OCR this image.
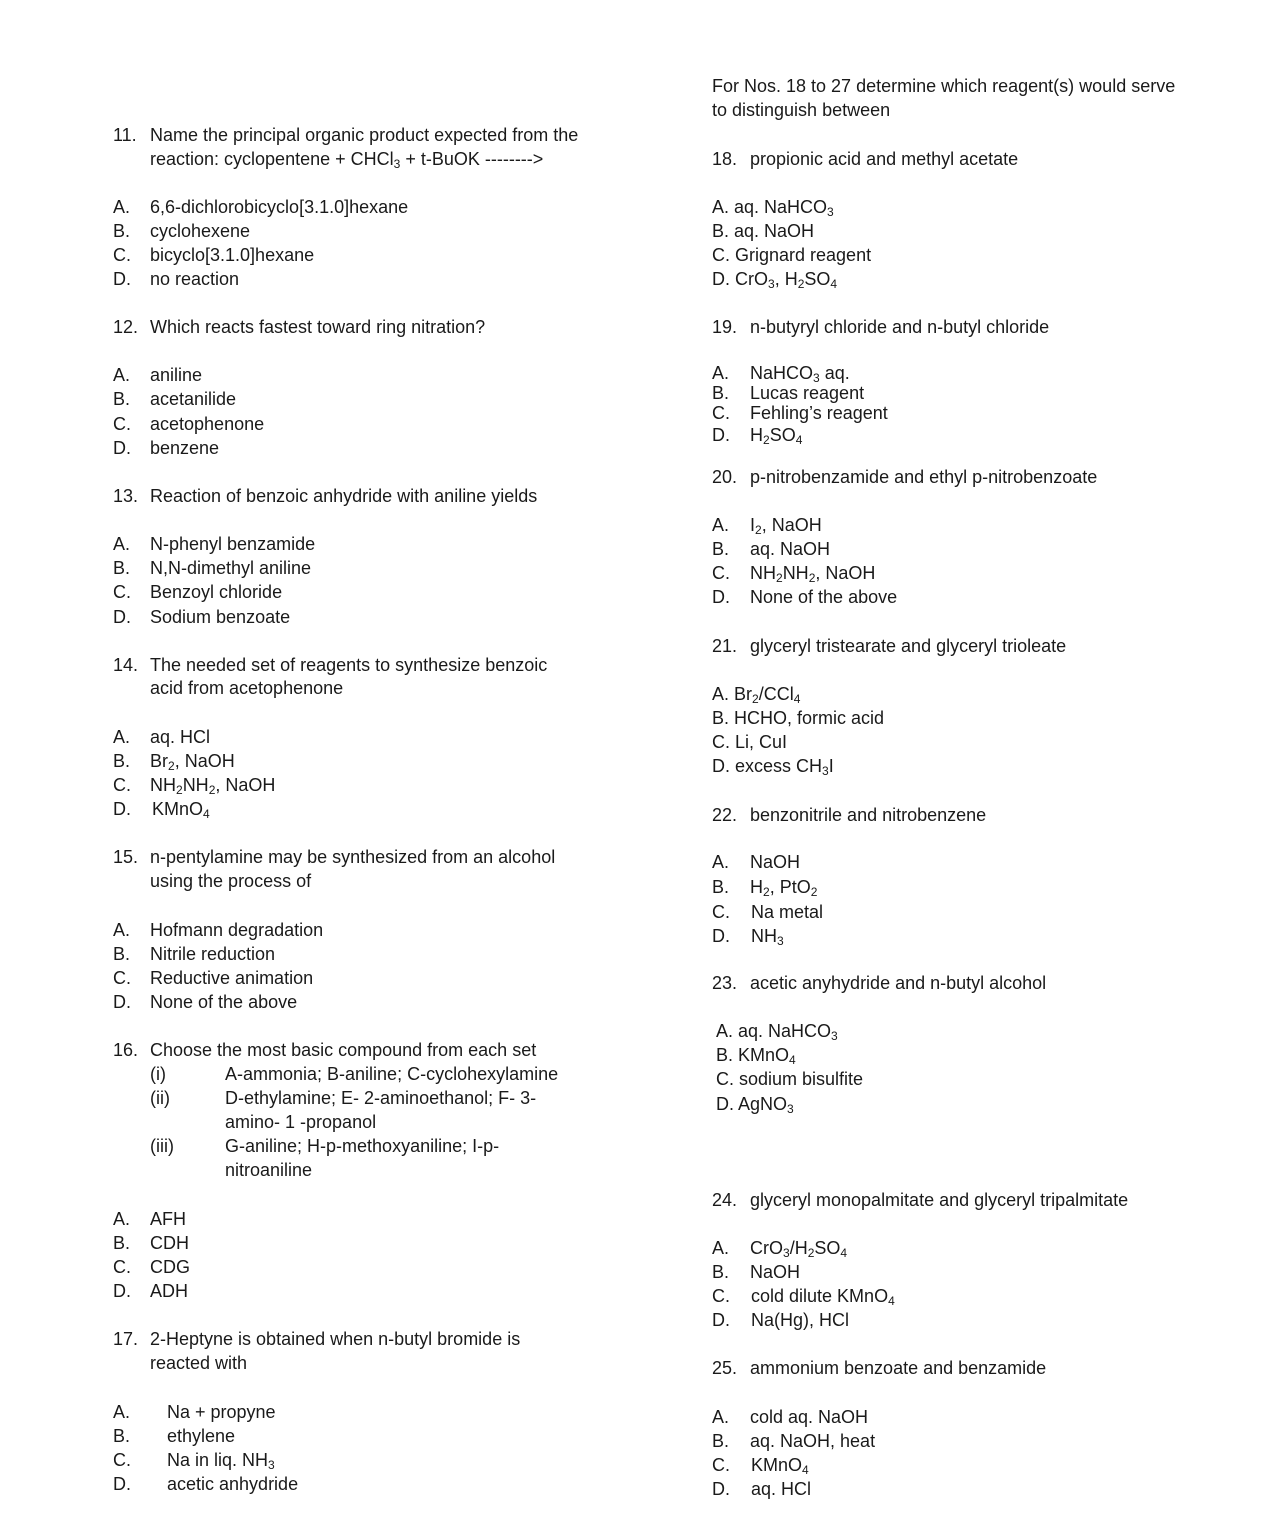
11. Name the principal organic product expected from the
reaction: cyclopentene + CHCl$_3$ + t-BuOK -------->
A. 6,6-dichlorobicyclo[3.1.0]hexane
B. cyclohexene
C. bicyclo[3.1.0]hexane
D. no reaction
12. Which reacts fastest toward ring nitration?
A. aniline
B. acetanilide
C. acetophenone
D. benzene
13. Reaction of benzoic anhydride with aniline yields
A. N-phenyl benzamide
B. N,N-dimethyl aniline
C. Benzoyl chloride
D. Sodium benzoate
14. The needed set of reagents to synthesize benzoic
acid from acetophenone
A. aq. HCl
B. $Br_2$, NaOH
C. $NH_2NH_2$, NaOH
D. KMnO$_4$
15. n-pentylamine may be synthesized from an alcohol
using the process of
A. Hofmann degradation
B. Nitrile reduction
C. Reductive animation
D. None of the above
16. Choose the most basic compound from each set
(i)	A-ammonia; B-aniline; C-cyclohexylamine
(ii)	D-ethylamine; E- 2-aminoethanol; F- 3-
amino- 1 -propanol
(iii)	G-aniline; H-p-methoxyaniline; I-p-
nitroaniline
A. AFH
B. CDH
C. CDG
D. ADH
17. 2-Heptyne is obtained when n-butyl bromide is
reacted with
A. Na + propyne
B. ethylene
C. Na in liq. $NH_3$
D. acetic anhydride
For Nos. 18 to 27 determine which reagent(s) would serve
to distinguish between
18. propionic acid and methyl acetate
A. aq. NaHCO$_3$
B. aq. NaOH
C. Grignard reagent
D. CrO$_3$, $H_2SO_4$
19. n-butyryl chloride and n-butyl chloride
A. NaHCO$_3$ aq.
B. Lucas reagent
C. Fehling’s reagent
D. $H_2SO_4$
20. p-nitrobenzamide and ethyl p-nitrobenzoate
A. $I_2$, NaOH
B. aq. NaOH
C. $NH_2NH_2$, NaOH
D. None of the above
21. glyceryl tristearate and glyceryl trioleate
A. $Br_2/CCl_4$
B. HCHO, formic acid
C. Li, CuI
D. excess $CH_3I$
22. benzonitrile and nitrobenzene
A. NaOH
B. $H_2$, PtO$_2$
C. Na metal
D. $NH_3$
23. acetic anyhydride and n-butyl alcohol
A. aq. NaHCO$_3$
B. KMnO$_4$
C. sodium bisulfite
D. AgNO$_3$
24. glyceryl monopalmitate and glyceryl tripalmitate
A. $CrO_3/H_2SO_4$
B. NaOH
C. cold dilute KMnO$_4$
D. Na(Hg), HCl
25. ammonium benzoate and benzamide
A. cold aq. NaOH
B. aq. NaOH, heat
C. KMnO$_4$
D. aq. HCl
